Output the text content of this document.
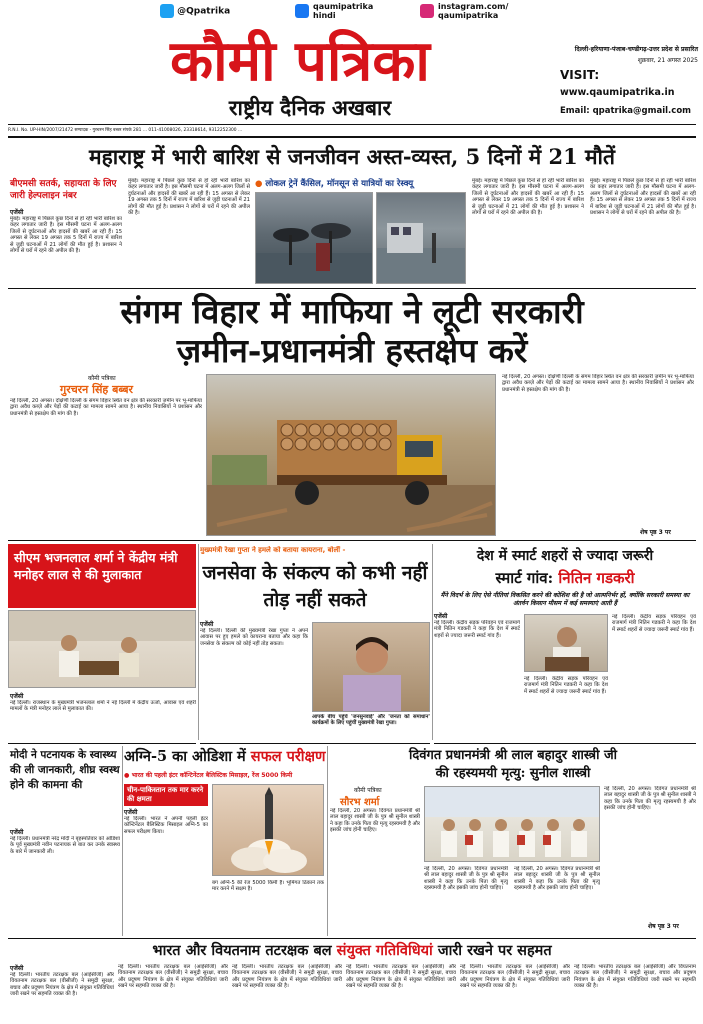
@Qpatrika	qaumipatrika
hindi
instagram.com/
qaumipatrika
कौमी पत्रिका
राष्ट्रीय दैनिक अखबार
दिल्ली-हरियाणा-पंजाब-चण्डीगढ़-उत्तर प्रदेश से प्रसारित
शुक्रवार, 21 अगस्त 2025
VISIT:
www.qaumipatrika.in
Email: qpatrika@gmail.com
R.N.I. No. UP-HIN/2007/21472 सम्पादक - गुरचरन सिंह बब्बर संपर्क 281 ... 011-41008026, 23318614, 9312252300 ...
महाराष्ट्र में भारी बारिश से जनजीवन अस्त-व्यस्त, 5 दिनों में 21 मौतें
बीएमसी सतर्क, सहायता के लिए जारी हेल्पलाइन नंबर
एजेंसी
मुंबई। महाराष्ट्र में पिछले कुछ दिनों से हो रही भारी बारिश का कहर लगातार जारी है। इस मौसमी घटना में अलग-अलग जिलों से दुर्घटनाओं और हादसों की खबरें आ रही हैं। 15 अगस्त से लेकर 19 अगस्त तक 5 दिनों में राज्य में बारिश से जुड़ी घटनाओं में 21 लोगों की मौत हुई है। प्रशासन ने लोगों से घरों में रहने की अपील की है।
मुंबई। महाराष्ट्र में पिछले कुछ दिनों से हो रही भारी बारिश का कहर लगातार जारी है। इस मौसमी घटना में अलग-अलग जिलों से दुर्घटनाओं और हादसों की खबरें आ रही हैं। 15 अगस्त से लेकर 19 अगस्त तक 5 दिनों में राज्य में बारिश से जुड़ी घटनाओं में 21 लोगों की मौत हुई है। प्रशासन ने लोगों से घरों में रहने की अपील की है।
● लोकल ट्रेनें कैंसिल, मॉनसून से यात्रियों का रेस्क्यू	मुंबई। महाराष्ट्र में पिछले कुछ दिनों से हो रही भारी बारिश का कहर लगातार जारी है। इस मौसमी घटना में अलग-अलग जिलों से दुर्घटनाओं और हादसों की खबरें आ रही हैं। 15 अगस्त से लेकर 19 अगस्त तक 5 दिनों में राज्य में बारिश से जुड़ी घटनाओं में 21 लोगों की मौत हुई है। प्रशासन ने लोगों से घरों में रहने की अपील की है।
मुंबई। महाराष्ट्र में पिछले कुछ दिनों से हो रही भारी बारिश का कहर लगातार जारी है। इस मौसमी घटना में अलग-अलग जिलों से दुर्घटनाओं और हादसों की खबरें आ रही हैं। 15 अगस्त से लेकर 19 अगस्त तक 5 दिनों में राज्य में बारिश से जुड़ी घटनाओं में 21 लोगों की मौत हुई है। प्रशासन ने लोगों से घरों में रहने की अपील की है।
संगम विहार में माफिया ने लूटी सरकारी
ज़मीन-प्रधानमंत्री हस्तक्षेप करें
कौमी पत्रिका
गुरचरन सिंह बब्बर
नई दिल्ली, 20 अगस्त। दक्षिणी दिल्ली के संगम विहार स्थित वन क्षेत्र की सरकारी ज़मीन पर भू-माफिया द्वारा अवैध कब्ज़े और पेड़ों की कटाई का मामला सामने आया है। स्थानीय निवासियों ने प्रशासन और प्रधानमंत्री से हस्तक्षेप की मांग की है।
नई दिल्ली, 20 अगस्त। दक्षिणी दिल्ली के संगम विहार स्थित वन क्षेत्र की सरकारी ज़मीन पर भू-माफिया द्वारा अवैध कब्ज़े और पेड़ों की कटाई का मामला सामने आया है। स्थानीय निवासियों ने प्रशासन और प्रधानमंत्री से हस्तक्षेप की मांग की है।
शेष पृष्ठ 3 पर
सीएम भजनलाल शर्मा ने केंद्रीय मंत्री मनोहर लाल से की मुलाकात
एजेंसी
नई दिल्ली। राजस्थान के मुख्यमंत्री भजनलाल शर्मा ने नई दिल्ली में केंद्रीय ऊर्जा, आवास एवं शहरी मामलों के मंत्री मनोहर लाल से मुलाकात की।
मुख्यमंत्री रेखा गुप्ता ने हमले को बताया कायराना, बोलीं -
जनसेवा के संकल्प को कभी नहीं तोड़ नहीं सकते
एजेंसी
नई दिल्ली। दिल्ली की मुख्यमंत्री रेखा गुप्ता ने अपने आवास पर हुए हमले को कायराना बताया और कहा कि जनसेवा के संकल्प को कोई नहीं तोड़ सकता।
आपके बीच पहुंचे 'जनसुनवाई' और 'जनता को समाधान' कार्यक्रमों के लिए पहुंचीं मुख्यमंत्री रेखा गुप्ता।
देश में स्मार्ट शहरों से ज्यादा जरूरी
स्मार्ट गांव: नितिन गडकरी
मैंने विदर्भ के लिए ऐसे नीतियां विकसित करने की कोशिश की है जो आत्मनिर्भर हों, क्योंकि सरकारी समस्या का अंतर्वन किसान मौसम में कई समस्याएं आती हैं
एजेंसी
नई दिल्ली। केंद्रीय सड़क परिवहन एवं राजमार्ग मंत्री नितिन गडकरी ने कहा कि देश में स्मार्ट शहरों से ज्यादा जरूरी स्मार्ट गांव हैं।
नई दिल्ली। केंद्रीय सड़क परिवहन एवं राजमार्ग मंत्री नितिन गडकरी ने कहा कि देश में स्मार्ट शहरों से ज्यादा जरूरी स्मार्ट गांव हैं।
नई दिल्ली। केंद्रीय सड़क परिवहन एवं राजमार्ग मंत्री नितिन गडकरी ने कहा कि देश में स्मार्ट शहरों से ज्यादा जरूरी स्मार्ट गांव हैं।
मोदी ने पटनायक के स्वास्थ्य की ली जानकारी, शीघ्र स्वस्थ होने की कामना की
एजेंसी
नई दिल्ली। प्रधानमंत्री नरेंद्र मोदी ने बृहस्पतिवार को ओडिशा के पूर्व मुख्यमंत्री नवीन पटनायक से बात कर उनके स्वास्थ्य के बारे में जानकारी ली।
अग्नि-5 का ओडिशा में सफल परीक्षण
● भारत की पहली इंटर कॉन्टिनेंटल बैलिस्टिक मिसाइल, रेंज 5000 किमी
चीन-पाकिस्तान तक मार करने की क्षमता
एजेंसी
नई दिल्ली। भारत ने अपनी पहली इंटर कॉन्टिनेंटल बैलिस्टिक मिसाइल अग्नि-5 का सफल परीक्षण किया।
बग अग्नि-5 की रेंज 5000 किमी है। भूमिगत ठिकाने तक मार करने में सक्षम है।
दिवंगत प्रधानमंत्री श्री लाल बहादुर शास्त्री जी
की रहस्यमयी मृत्यु: सुनील शास्त्री
कौमी पत्रिका
सौरभ शर्मा
नई दिल्ली, 20 अगस्त। दिवंगत प्रधानमंत्री श्री लाल बहादुर शास्त्री जी के पुत्र श्री सुनील शास्त्री ने कहा कि उनके पिता की मृत्यु रहस्यमयी है और इसकी जांच होनी चाहिए।
नई दिल्ली, 20 अगस्त। दिवंगत प्रधानमंत्री श्री लाल बहादुर शास्त्री जी के पुत्र श्री सुनील शास्त्री ने कहा कि उनके पिता की मृत्यु रहस्यमयी है और इसकी जांच होनी चाहिए।
नई दिल्ली, 20 अगस्त। दिवंगत प्रधानमंत्री श्री लाल बहादुर शास्त्री जी के पुत्र श्री सुनील शास्त्री ने कहा कि उनके पिता की मृत्यु रहस्यमयी है और इसकी जांच होनी चाहिए।
नई दिल्ली, 20 अगस्त। दिवंगत प्रधानमंत्री श्री लाल बहादुर शास्त्री जी के पुत्र श्री सुनील शास्त्री ने कहा कि उनके पिता की मृत्यु रहस्यमयी है और इसकी जांच होनी चाहिए।
शेष पृष्ठ 3 पर
भारत और वियतनाम तटरक्षक बल संयुक्त गतिविधियां जारी रखने पर सहमत
एजेंसी
नई दिल्ली। भारतीय तटरक्षक बल (आईसीजी) और वियतनाम तटरक्षक बल (वीसीजी) ने समुद्री सुरक्षा, बचाव और प्रदूषण नियंत्रण के क्षेत्र में संयुक्त गतिविधियां जारी रखने पर सहमति व्यक्त की है।
नई दिल्ली। भारतीय तटरक्षक बल (आईसीजी) और वियतनाम तटरक्षक बल (वीसीजी) ने समुद्री सुरक्षा, बचाव और प्रदूषण नियंत्रण के क्षेत्र में संयुक्त गतिविधियां जारी रखने पर सहमति व्यक्त की है।
नई दिल्ली। भारतीय तटरक्षक बल (आईसीजी) और वियतनाम तटरक्षक बल (वीसीजी) ने समुद्री सुरक्षा, बचाव और प्रदूषण नियंत्रण के क्षेत्र में संयुक्त गतिविधियां जारी रखने पर सहमति व्यक्त की है।
नई दिल्ली। भारतीय तटरक्षक बल (आईसीजी) और वियतनाम तटरक्षक बल (वीसीजी) ने समुद्री सुरक्षा, बचाव और प्रदूषण नियंत्रण के क्षेत्र में संयुक्त गतिविधियां जारी रखने पर सहमति व्यक्त की है।
नई दिल्ली। भारतीय तटरक्षक बल (आईसीजी) और वियतनाम तटरक्षक बल (वीसीजी) ने समुद्री सुरक्षा, बचाव और प्रदूषण नियंत्रण के क्षेत्र में संयुक्त गतिविधियां जारी रखने पर सहमति व्यक्त की है।
नई दिल्ली। भारतीय तटरक्षक बल (आईसीजी) और वियतनाम तटरक्षक बल (वीसीजी) ने समुद्री सुरक्षा, बचाव और प्रदूषण नियंत्रण के क्षेत्र में संयुक्त गतिविधियां जारी रखने पर सहमति व्यक्त की है।
